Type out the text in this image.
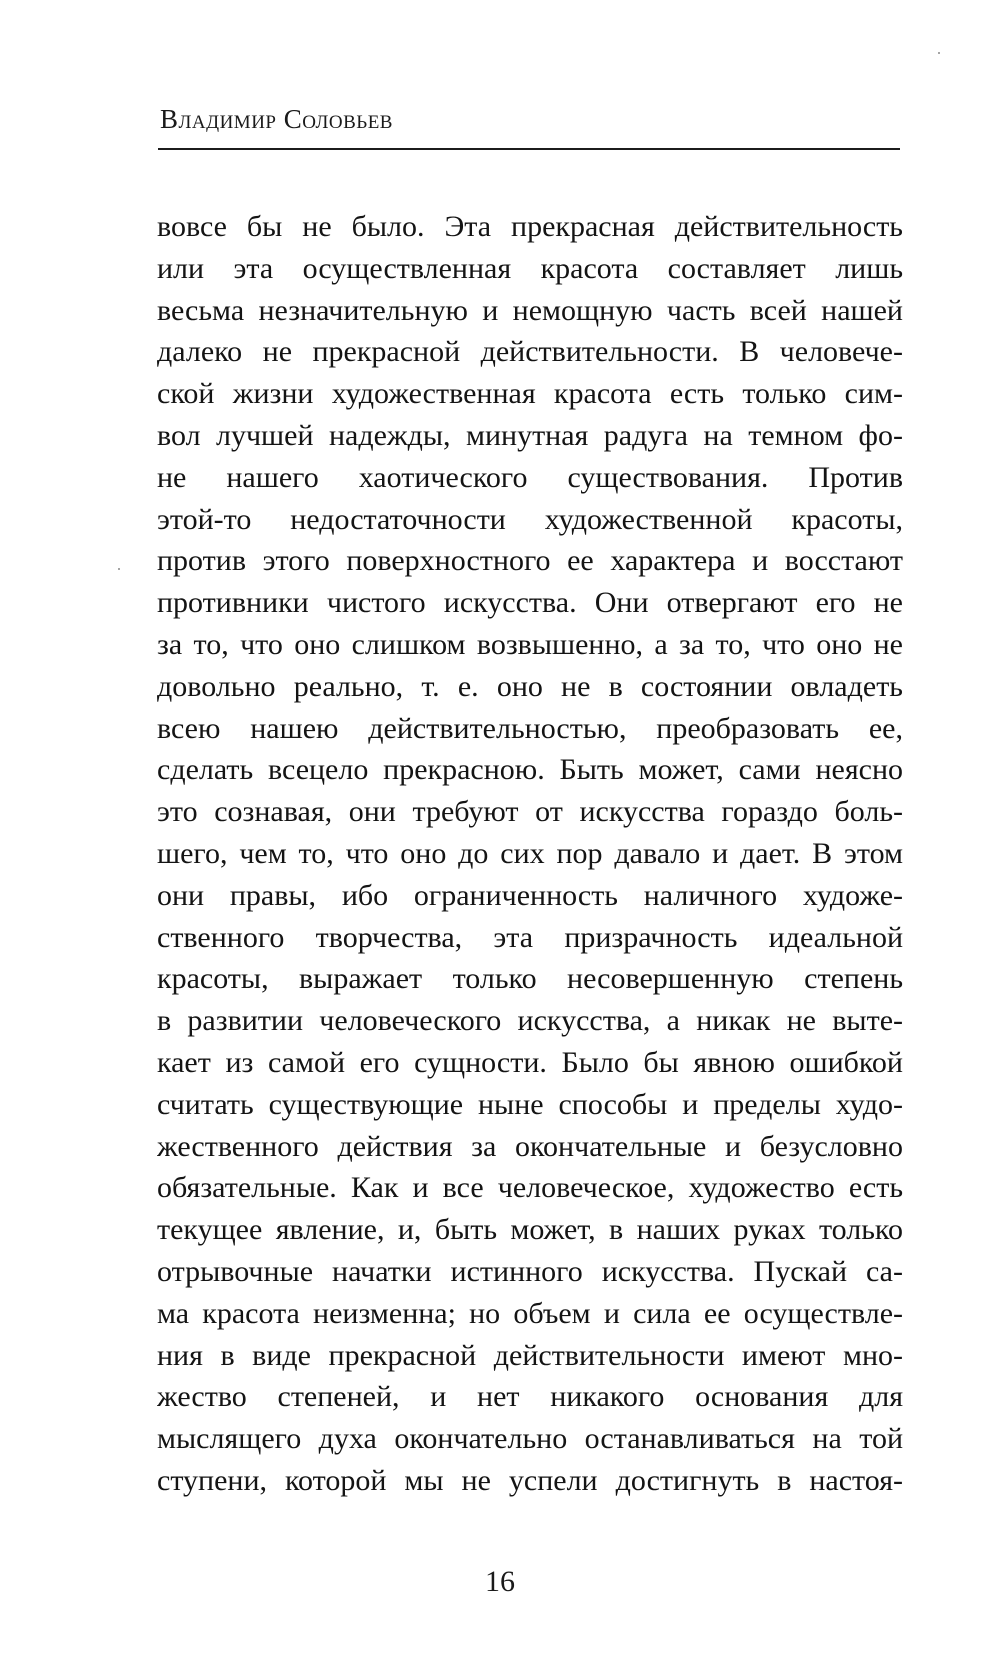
Владимир Соловьев
вовсе бы не было. Эта прекрасная действительность
или эта осуществленная красота составляет лишь
весьма незначительную и немощную часть всей нашей
далеко не прекрасной действительности. В человече-
ской жизни художественная красота есть только сим-
вол лучшей надежды, минутная радуга на темном фо-
не нашего хаотического существования. Против
этой-то недостаточности художественной красоты,
против этого поверхностного ее характера и восстают
противники чистого искусства. Они отвергают его не
за то, что оно слишком возвышенно, а за то, что оно не
довольно реально, т. е. оно не в состоянии овладеть
всею нашею действительностью, преобразовать ее,
сделать всецело прекрасною. Быть может, сами неясно
это сознавая, они требуют от искусства гораздо боль-
шего, чем то, что оно до сих пор давало и дает. В этом
они правы, ибо ограниченность наличного художе-
ственного творчества, эта призрачность идеальной
красоты, выражает только несовершенную степень
в развитии человеческого искусства, а никак не выте-
кает из самой его сущности. Было бы явною ошибкой
считать существующие ныне способы и пределы худо-
жественного действия за окончательные и безусловно
обязательные. Как и все человеческое, художество есть
текущее явление, и, быть может, в наших руках только
отрывочные начатки истинного искусства. Пускай са-
ма красота неизменна; но объем и сила ее осуществле-
ния в виде прекрасной действительности имеют мно-
жество степеней, и нет никакого основания для
мыслящего духа окончательно останавливаться на той
ступени, которой мы не успели достигнуть в настоя-
16
